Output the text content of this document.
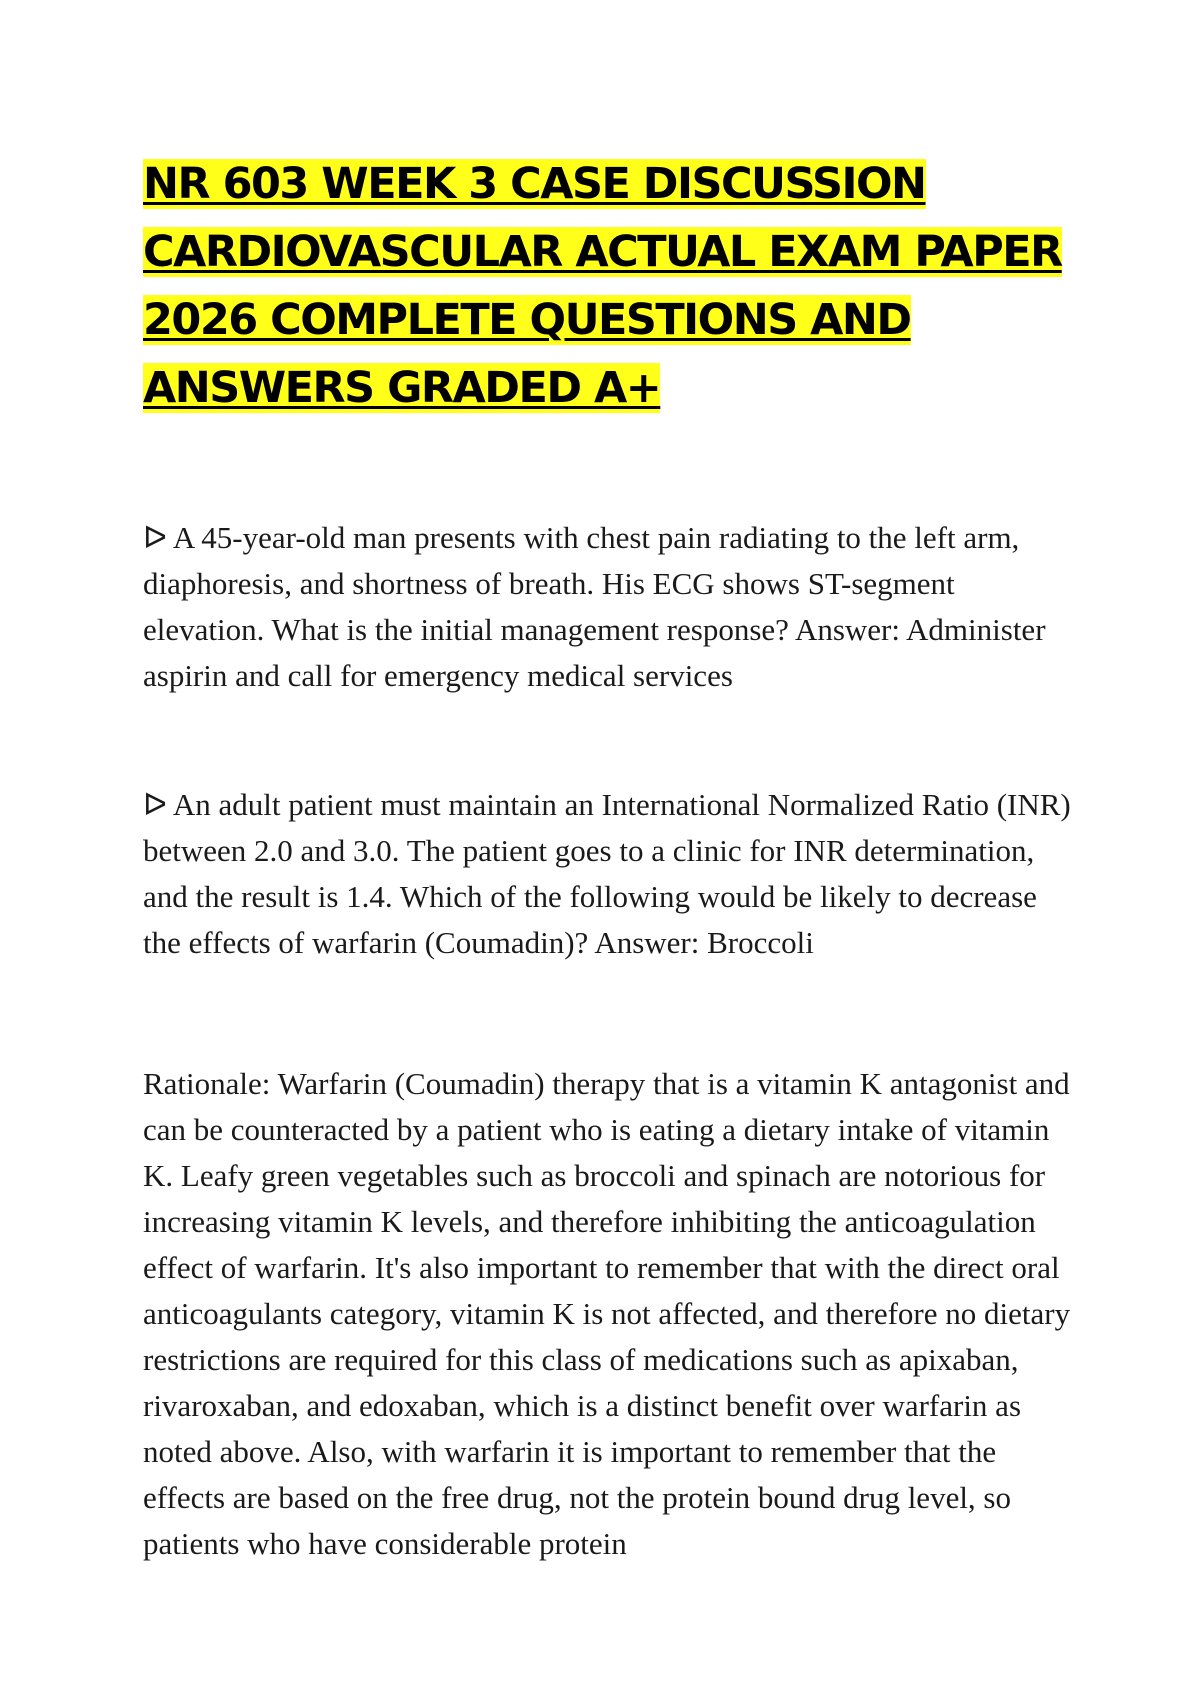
NR 603 WEEK 3 CASE DISCUSSION
CARDIOVASCULAR ACTUAL EXAM PAPER
2026 COMPLETE QUESTIONS AND
ANSWERS GRADED A+

ᐅ A 45-year-old man presents with chest pain radiating to the left arm, diaphoresis, and shortness of breath. His ECG shows ST-segment elevation. What is the initial management response? Answer: Administer aspirin and call for emergency medical services

ᐅ An adult patient must maintain an International Normalized Ratio (INR) between 2.0 and 3.0. The patient goes to a clinic for INR determination, and the result is 1.4. Which of the following would be likely to decrease the effects of warfarin (Coumadin)? Answer: Broccoli

Rationale: Warfarin (Coumadin) therapy that is a vitamin K antagonist and can be counteracted by a patient who is eating a dietary intake of vitamin K. Leafy green vegetables such as broccoli and spinach are notorious for increasing vitamin K levels, and therefore inhibiting the anticoagulation effect of warfarin. It's also important to remember that with the direct oral anticoagulants category, vitamin K is not affected, and therefore no dietary restrictions are required for this class of medications such as apixaban, rivaroxaban, and edoxaban, which is a distinct benefit over warfarin as noted above. Also, with warfarin it is important to remember that the effects are based on the free drug, not the protein bound drug level, so patients who have considerable protein
